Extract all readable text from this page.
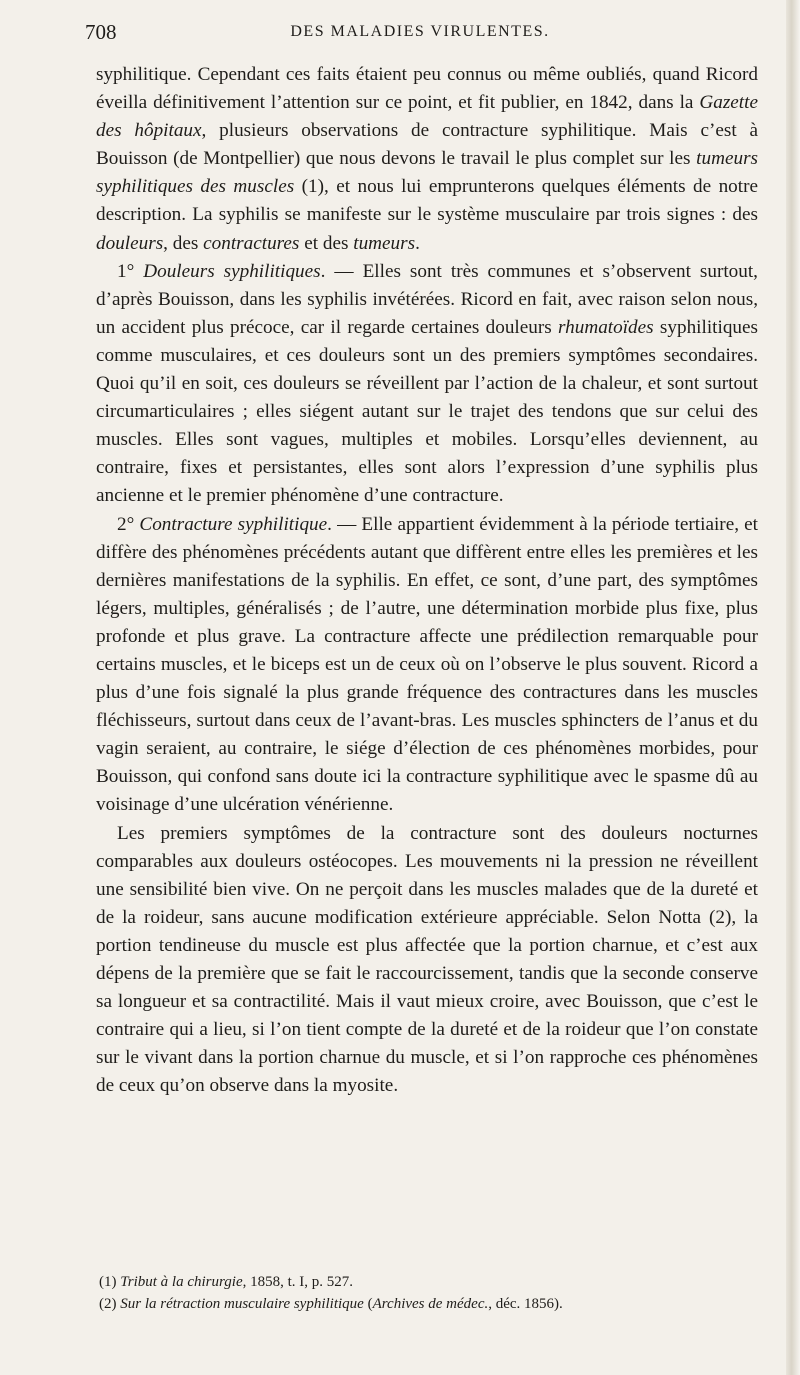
708	DES MALADIES VIRULENTES.

syphilitique. Cependant ces faits étaient peu connus ou même oubliés, quand Ricord éveilla définitivement l’attention sur ce point, et fit publier, en 1842, dans la Gazette des hôpitaux, plusieurs observations de contracture syphilitique. Mais c’est à Bouisson (de Montpellier) que nous devons le travail le plus complet sur les tumeurs syphilitiques des muscles (1), et nous lui emprunterons quelques éléments de notre description. La syphilis se manifeste sur le système musculaire par trois signes : des douleurs, des contractures et des tumeurs.

1° Douleurs syphilitiques. — Elles sont très communes et s’observent surtout, d’après Bouisson, dans les syphilis invétérées. Ricord en fait, avec raison selon nous, un accident plus précoce, car il regarde certaines douleurs rhumatoïdes syphilitiques comme musculaires, et ces douleurs sont un des premiers symptômes secondaires. Quoi qu’il en soit, ces douleurs se réveillent par l’action de la chaleur, et sont surtout circumarticulaires ; elles siégent autant sur le trajet des tendons que sur celui des muscles. Elles sont vagues, multiples et mobiles. Lorsqu’elles deviennent, au contraire, fixes et persistantes, elles sont alors l’expression d’une syphilis plus ancienne et le premier phénomène d’une contracture.

2° Contracture syphilitique. — Elle appartient évidemment à la période tertiaire, et diffère des phénomènes précédents autant que diffèrent entre elles les premières et les dernières manifestations de la syphilis. En effet, ce sont, d’une part, des symptômes légers, multiples, généralisés ; de l’autre, une détermination morbide plus fixe, plus profonde et plus grave. La contracture affecte une prédilection remarquable pour certains muscles, et le biceps est un de ceux où on l’observe le plus souvent. Ricord a plus d’une fois signalé la plus grande fréquence des contractures dans les muscles fléchisseurs, surtout dans ceux de l’avant-bras. Les muscles sphincters de l’anus et du vagin seraient, au contraire, le siége d’élection de ces phénomènes morbides, pour Bouisson, qui confond sans doute ici la contracture syphilitique avec le spasme dû au voisinage d’une ulcération vénérienne.

Les premiers symptômes de la contracture sont des douleurs nocturnes comparables aux douleurs ostéocopes. Les mouvements ni la pression ne réveillent une sensibilité bien vive. On ne perçoit dans les muscles malades que de la dureté et de la roideur, sans aucune modification extérieure appréciable. Selon Notta (2), la portion tendineuse du muscle est plus affectée que la portion charnue, et c’est aux dépens de la première que se fait le raccourcissement, tandis que la seconde conserve sa longueur et sa contractilité. Mais il vaut mieux croire, avec Bouisson, que c’est le contraire qui a lieu, si l’on tient compte de la dureté et de la roideur que l’on constate sur le vivant dans la portion charnue du muscle, et si l’on rapproche ces phénomènes de ceux qu’on observe dans la myosite.

(1) Tribut à la chirurgie, 1858, t. I, p. 527.

(2) Sur la rétraction musculaire syphilitique (Archives de médec., déc. 1856).
